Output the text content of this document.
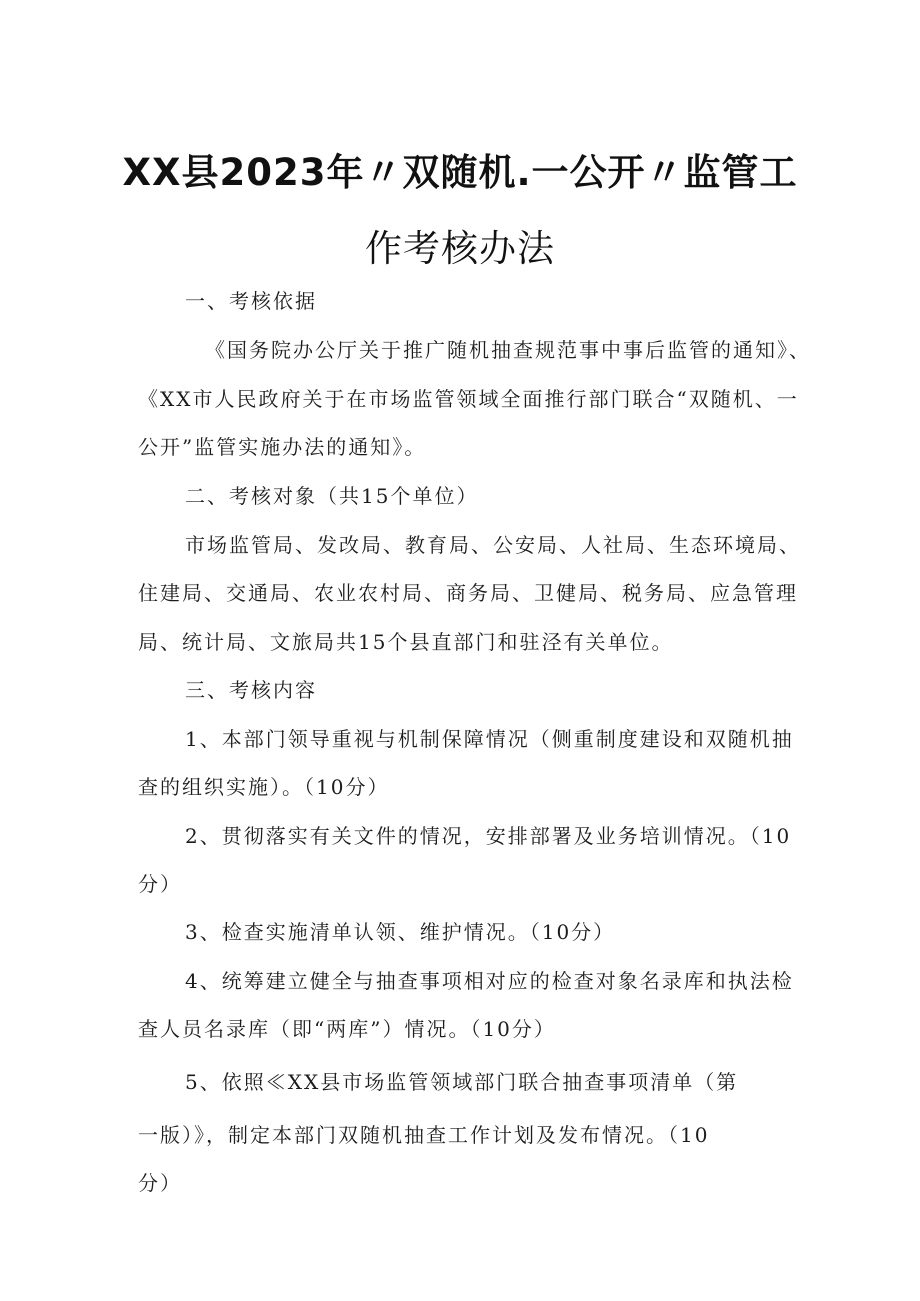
XX县2023年〃双随机.一公开〃监管工
作考核办法
一、考核依据
《国务院办公厅关于推广随机抽查规范事中事后监管的通知》、
《XX市人民政府关于在市场监管领域全面推行部门联合“双随机、一
公开”监管实施办法的通知》。
二、考核对象（共15个单位）
市场监管局、发改局、教育局、公安局、人社局、生态环境局、
住建局、交通局、农业农村局、商务局、卫健局、税务局、应急管理
局、统计局、文旅局共15个县直部门和驻泾有关单位。
三、考核内容
1、本部门领导重视与机制保障情况（侧重制度建设和双随机抽
查的组织实施）。（10分）
2、贯彻落实有关文件的情况，安排部署及业务培训情况。（10
分）
3、检查实施清单认领、维护情况。（10分）
4、统筹建立健全与抽查事项相对应的检查对象名录库和执法检
查人员名录库（即“两库”）情况。（10分）
5、依照≪XX县市场监管领域部门联合抽查事项清单（第
一版）》，制定本部门双随机抽查工作计划及发布情况。（10
分）
